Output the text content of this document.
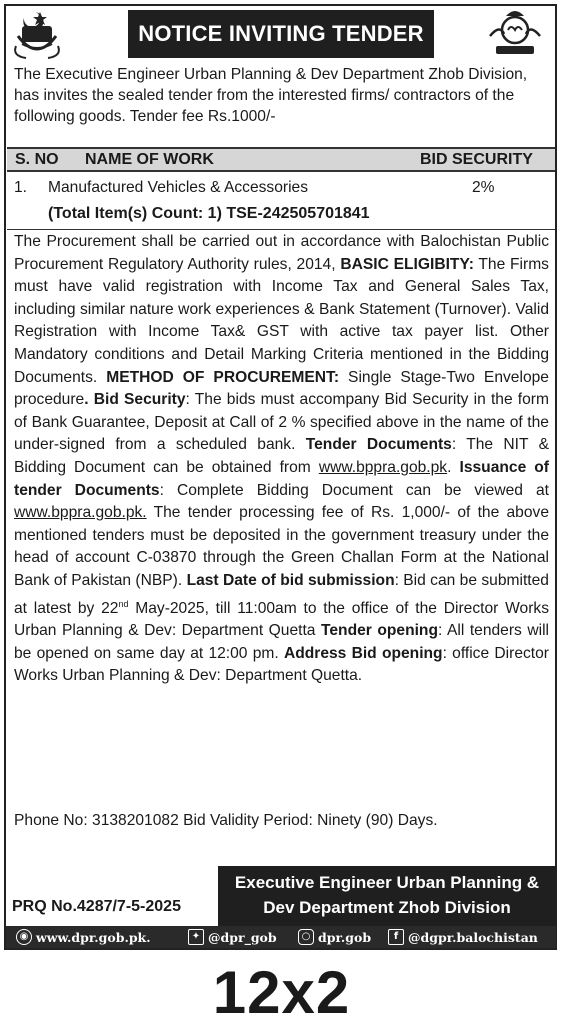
NOTICE INVITING TENDER
The Executive Engineer Urban Planning & Dev Department Zhob Division, has invites the sealed tender from the interested firms/ contractors of the following goods. Tender fee Rs.1000/-
S. NO NAME OF WORK	BID SECURITY
1. Manufactured Vehicles & Accessories	2%
(Total Item(s) Count: 1) TSE-242505701841
The Procurement shall be carried out in accordance with Balochistan Public Procurement Regulatory Authority rules, 2014, BASIC ELIGIBITY: The Firms must have valid registration with Income Tax and General Sales Tax, including similar nature work experiences & Bank Statement (Turnover). Valid Registration with Income Tax& GST with active tax payer list. Other Mandatory conditions and Detail Marking Criteria mentioned in the Bidding Documents. METHOD OF PROCUREMENT: Single Stage-Two Envelope procedure. Bid Security: The bids must accompany Bid Security in the form of Bank Guarantee, Deposit at Call of 2 % specified above in the name of the under-signed from a scheduled bank. Tender Documents: The NIT & Bidding Document can be obtained from www.bppra.gob.pk. Issuance of tender Documents: Complete Bidding Document can be viewed at www.bppra.gob.pk. The tender processing fee of Rs. 1,000/- of the above mentioned tenders must be deposited in the government treasury under the head of account C-03870 through the Green Challan Form at the National Bank of Pakistan (NBP). Last Date of bid submission: Bid can be submitted at latest by 22nd May-2025, till 11:00am to the office of the Director Works Urban Planning & Dev: Department Quetta Tender opening: All tenders will be opened on same day at 12:00 pm. Address Bid opening: office Director Works Urban Planning & Dev: Department Quetta.
Phone No: 3138201082 Bid Validity Period: Ninety (90) Days.
PRQ No.4287/7-5-2025
Executive Engineer Urban Planning &
Dev Department Zhob Division
◉ www.dpr.gob.pk.	✦ @dpr_gob	○ dpr.gob	f @dgpr.balochistan
12x2
